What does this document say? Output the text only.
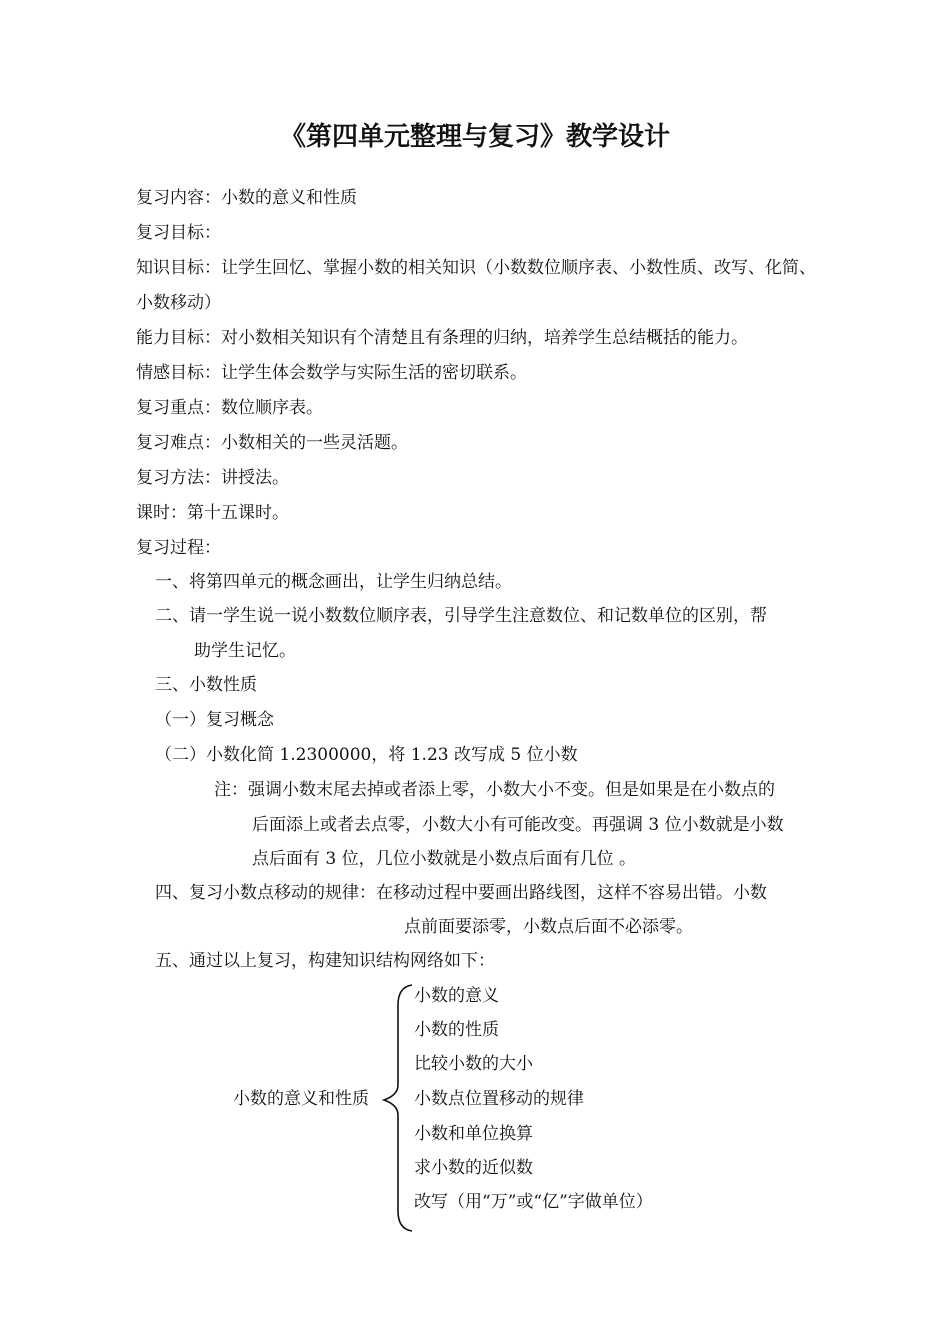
《第四单元整理与复习》教学设计
复习内容：小数的意义和性质
复习目标：
知识目标：让学生回忆、掌握小数的相关知识（小数数位顺序表、小数性质、改写、化简、
小数移动）
能力目标：对小数相关知识有个清楚且有条理的归纳，培养学生总结概括的能力。
情感目标：让学生体会数学与实际生活的密切联系。
复习重点：数位顺序表。
复习难点：小数相关的一些灵活题。
复习方法：讲授法。
课时：第十五课时。
复习过程：
一、将第四单元的概念画出，让学生归纳总结。
二、请一学生说一说小数数位顺序表，引导学生注意数位、和记数单位的区别，帮
助学生记忆。
三、小数性质
（一）复习概念
（二）小数化简 1.2300000，将 1.23 改写成 5 位小数
注：强调小数末尾去掉或者添上零，小数大小不变。但是如果是在小数点的
后面添上或者去点零，小数大小有可能改变。再强调 3 位小数就是小数
点后面有 3 位，几位小数就是小数点后面有几位 。
四、复习小数点移动的规律：在移动过程中要画出路线图，这样不容易出错。小数
点前面要添零，小数点后面不必添零。
五、通过以上复习，构建知识结构网络如下：
小数的意义和性质
小数的意义
小数的性质
比较小数的大小
小数点位置移动的规律
小数和单位换算
求小数的近似数
改写（用“万”或“亿”字做单位）
